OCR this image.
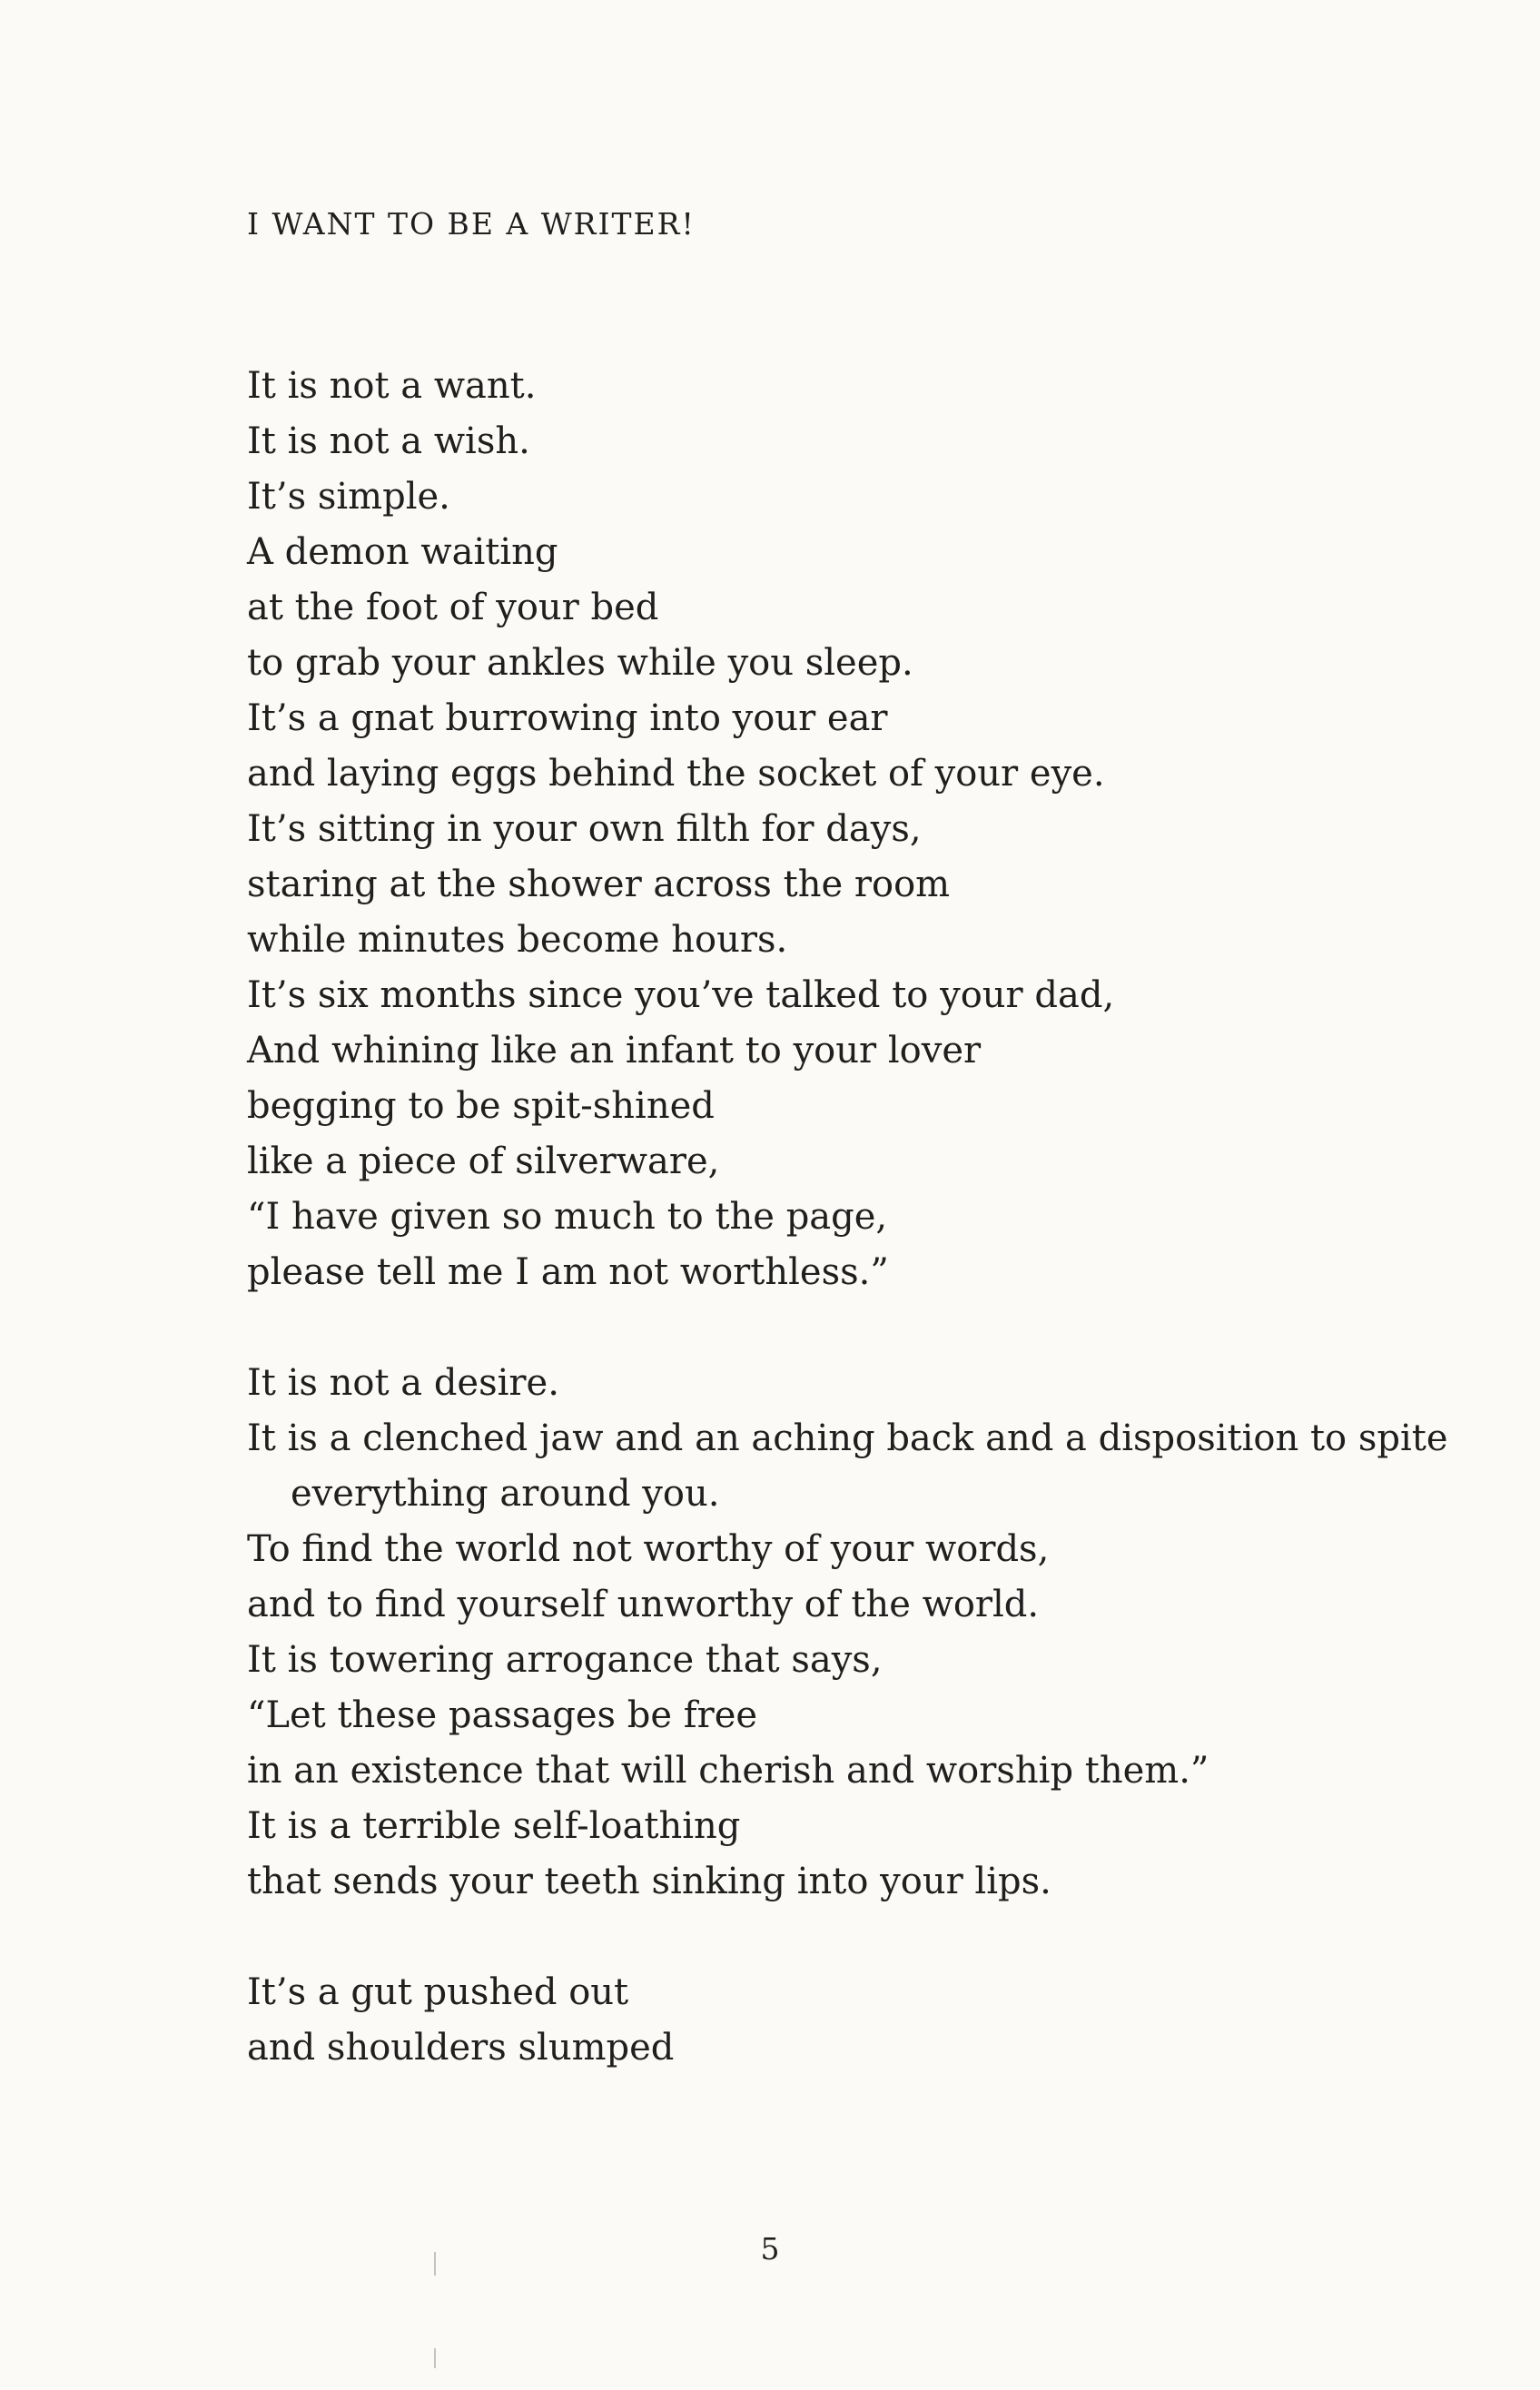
I WANT TO BE A WRITER!
It is not a want.
It is not a wish.
It’s simple.
A demon waiting
at the foot of your bed
to grab your ankles while you sleep.
It’s a gnat burrowing into your ear
and laying eggs behind the socket of your eye.
It’s sitting in your own filth for days,
staring at the shower across the room
while minutes become hours.
It’s six months since you’ve talked to your dad,
And whining like an infant to your lover
begging to be spit-shined
like a piece of silverware,
“I have given so much to the page,
please tell me I am not worthless.”
It is not a desire.
It is a clenched jaw and an aching back and a disposition to spite
everything around you.
To find the world not worthy of your words,
and to find yourself unworthy of the world.
It is towering arrogance that says,
“Let these passages be free
in an existence that will cherish and worship them.”
It is a terrible self-loathing
that sends your teeth sinking into your lips.
It’s a gut pushed out
and shoulders slumped
5
